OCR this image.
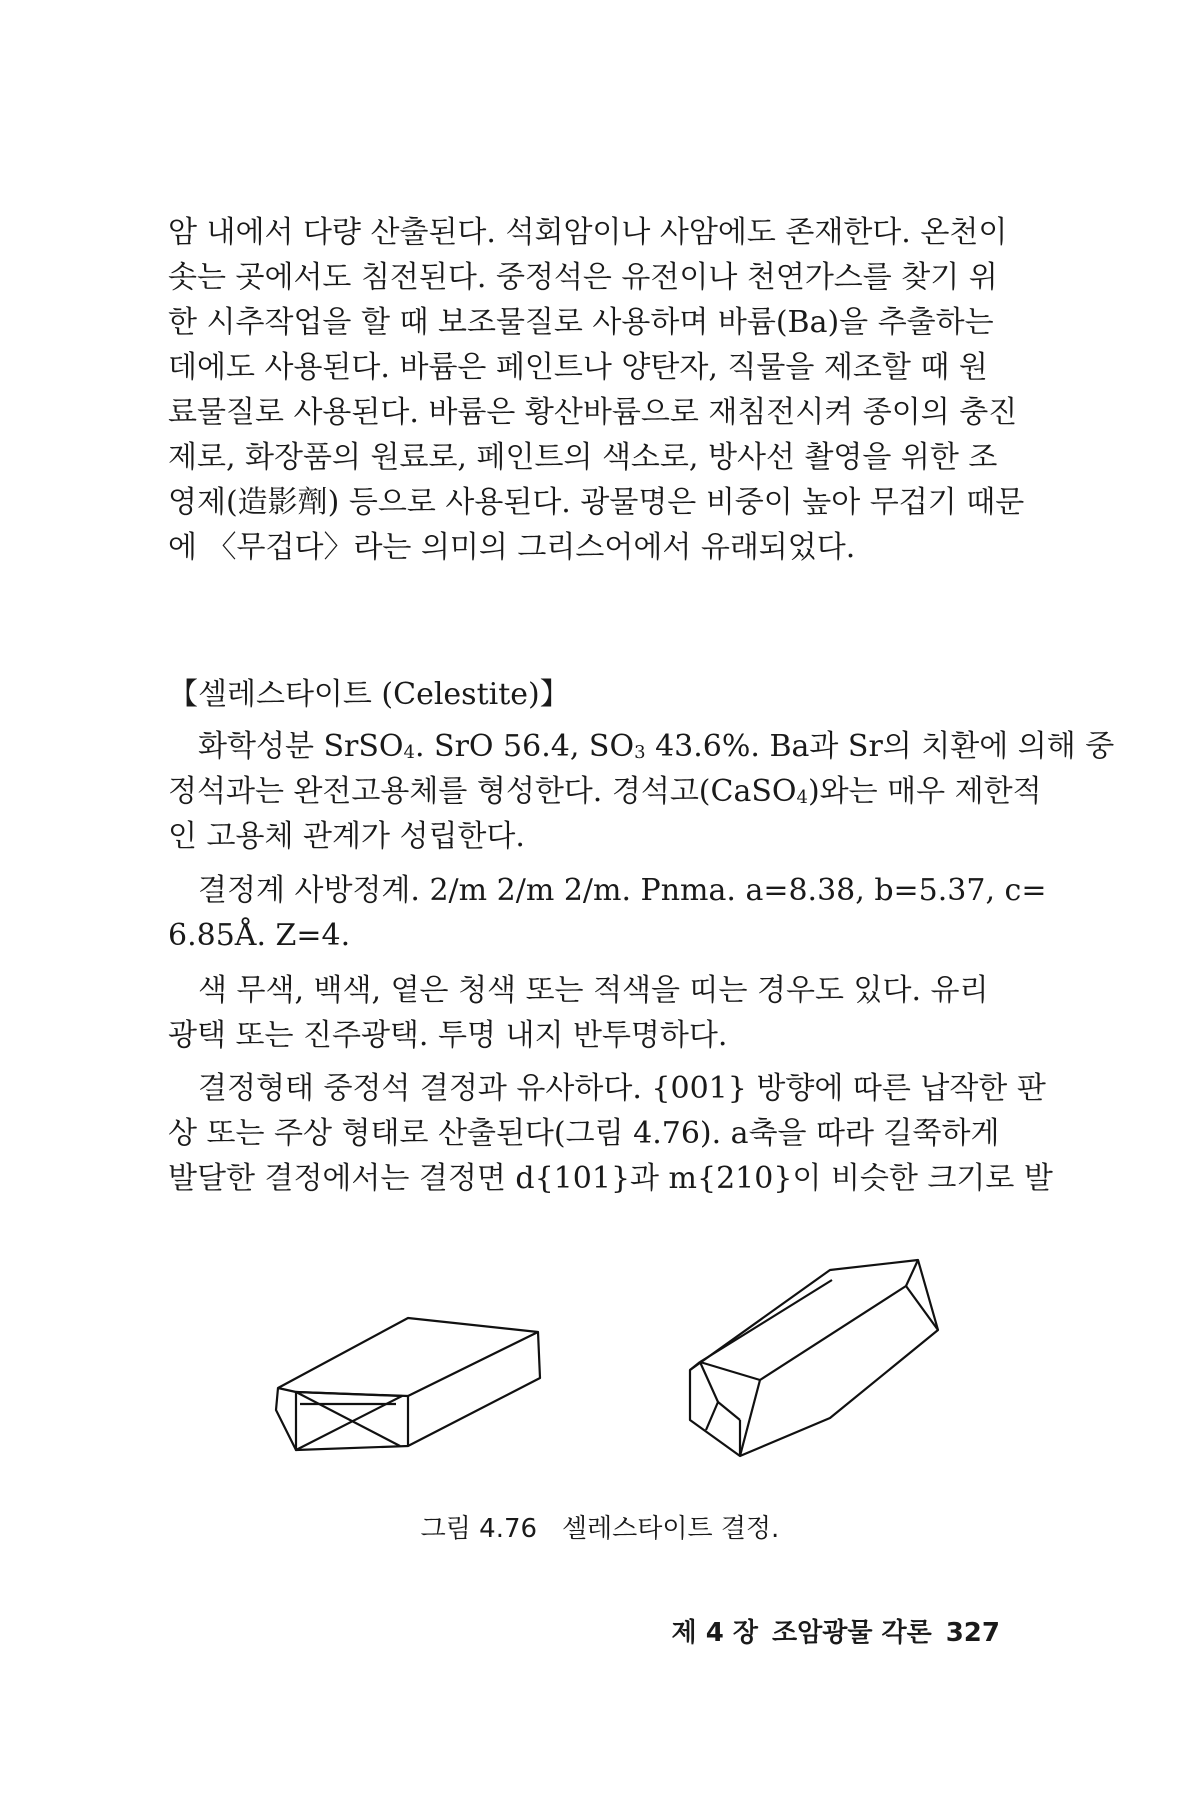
암 내에서 다량 산출된다. 석회암이나 사암에도 존재한다. 온천이
솟는 곳에서도 침전된다. 중정석은 유전이나 천연가스를 찾기 위
한 시추작업을 할 때 보조물질로 사용하며 바륨(Ba)을 추출하는
데에도 사용된다. 바륨은 페인트나 양탄자, 직물을 제조할 때 원
료물질로 사용된다. 바륨은 황산바륨으로 재침전시켜 종이의 충진
제로, 화장품의 원료로, 페인트의 색소로, 방사선 촬영을 위한 조
영제(造影劑) 등으로 사용된다. 광물명은 비중이 높아 무겁기 때문
에 〈무겁다〉라는 의미의 그리스어에서 유래되었다.
【셀레스타이트 (Celestite)】
화학성분 SrSO$_4$. SrO 56.4, $SO_3$ 43.6%. Ba과 Sr의 치환에 의해 중
정석과는 완전고용체를 형성한다. 경석고(CaSO$_4$)와는 매우 제한적
인 고용체 관계가 성립한다.
결정계 사방정계. 2/m 2/m 2/m. Pnma. a=8.38, b=5.37, c=
6.85Å. Z=4.
색 무색, 백색, 옅은 청색 또는 적색을 띠는 경우도 있다. 유리
광택 또는 진주광택. 투명 내지 반투명하다.
결정형태 중정석 결정과 유사하다. {001} 방향에 따른 납작한 판
상 또는 주상 형태로 산출된다(그림 4.76). a축을 따라 길쭉하게
발달한 결정에서는 결정면 d{101}과 m{210}이 비슷한 크기로 발
그림 4.76 셀레스타이트 결정.
제 4 장 조암광물 각론 327
